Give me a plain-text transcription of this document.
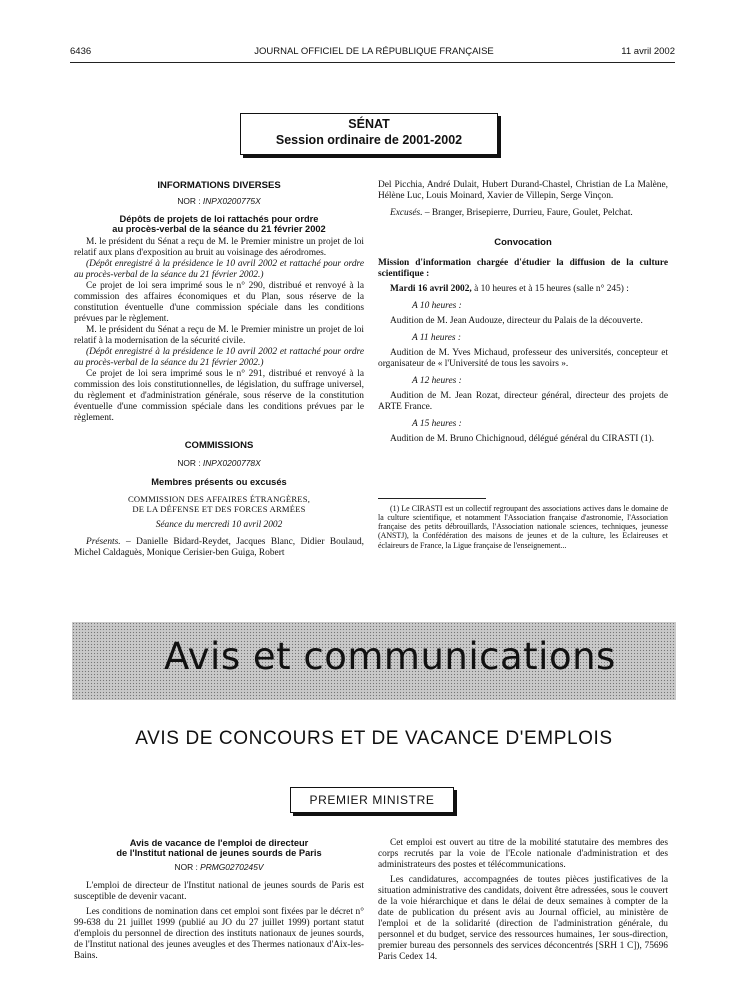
6436	JOURNAL OFFICIEL DE LA RÉPUBLIQUE FRANÇAISE	11 avril 2002
SÉNAT
Session ordinaire de 2001-2002
INFORMATIONS DIVERSES
NOR : INPX0200775X
Dépôts de projets de loi rattachés pour ordre
au procès-verbal de la séance du 21 février 2002

M. le président du Sénat a reçu de M. le Premier ministre un projet de loi relatif aux plans d'exposition au bruit au voisinage des aérodromes.

(Dépôt enregistré à la présidence le 10 avril 2002 et rattaché pour ordre au procès-verbal de la séance du 21 février 2002.)

Ce projet de loi sera imprimé sous le n° 290, distribué et renvoyé à la commission des affaires économiques et du Plan, sous réserve de la constitution éventuelle d'une commission spéciale dans les conditions prévues par le règlement.

M. le président du Sénat a reçu de M. le Premier ministre un projet de loi relatif à la modernisation de la sécurité civile.

(Dépôt enregistré à la présidence le 10 avril 2002 et rattaché pour ordre au procès-verbal de la séance du 21 février 2002.)

Ce projet de loi sera imprimé sous le n° 291, distribué et renvoyé à la commission des lois constitutionnelles, de législation, du suffrage universel, du règlement et d'administration générale, sous réserve de la constitution éventuelle d'une commission spéciale dans les conditions prévues par le règlement.

COMMISSIONS
NOR : INPX0200778X
Membres présents ou excusés
COMMISSION DES AFFAIRES ÉTRANGÈRES,
DE LA DÉFENSE ET DES FORCES ARMÉES
Séance du mercredi 10 avril 2002

Présents. – Danielle Bidard-Reydet, Jacques Blanc, Didier Boulaud, Michel Caldaguès, Monique Cerisier-ben Guiga, Robert

Del Picchia, André Dulait, Hubert Durand-Chastel, Christian de La Malène, Hélène Luc, Louis Moinard, Xavier de Villepin, Serge Vinçon.

Excusés. – Branger, Brisepierre, Durrieu, Faure, Goulet, Pelchat.

Convocation

Mission d'information chargée d'étudier la diffusion de la culture scientifique :

Mardi 16 avril 2002, à 10 heures et à 15 heures (salle n° 245) :

A 10 heures :

Audition de M. Jean Audouze, directeur du Palais de la découverte.

A 11 heures :

Audition de M. Yves Michaud, professeur des universités, concepteur et organisateur de « l'Université de tous les savoirs ».

A 12 heures :

Audition de M. Jean Rozat, directeur général, directeur des projets de ARTE France.

A 15 heures :

Audition de M. Bruno Chichignoud, délégué général du CIRASTI (1).

(1) Le CIRASTI est un collectif regroupant des associations actives dans le domaine de la culture scientifique, et notamment l'Association française d'astronomie, l'Association française des petits débrouillards, l'Association nationale sciences, techniques, jeunesse (ANSTJ), la Confédération des maisons de jeunes et de la culture, les Eclaireuses et éclaireurs de France, la Ligue française de l'enseignement...

Avis et communications
AVIS DE CONCOURS ET DE VACANCE D'EMPLOIS
PREMIER MINISTRE
Avis de vacance de l'emploi de directeur
de l'Institut national de jeunes sourds de Paris
NOR : PRMG0270245V

L'emploi de directeur de l'Institut national de jeunes sourds de Paris est susceptible de devenir vacant.

Les conditions de nomination dans cet emploi sont fixées par le décret n° 99-638 du 21 juillet 1999 (publié au JO du 27 juillet 1999) portant statut d'emplois du personnel de direction des instituts nationaux de jeunes sourds, de l'Institut national des jeunes aveugles et des Thermes nationaux d'Aix-les-Bains.

Cet emploi est ouvert au titre de la mobilité statutaire des membres des corps recrutés par la voie de l'Ecole nationale d'administration et des administrateurs des postes et télécommunications.

Les candidatures, accompagnées de toutes pièces justificatives de la situation administrative des candidats, doivent être adressées, sous le couvert de la voie hiérarchique et dans le délai de deux semaines à compter de la date de publication du présent avis au Journal officiel, au ministère de l'emploi et de la solidarité (direction de l'administration générale, du personnel et du budget, service des ressources humaines, 1er sous-direction, premier bureau des personnels des services déconcentrés [SRH 1 C]), 75696 Paris Cedex 14.
